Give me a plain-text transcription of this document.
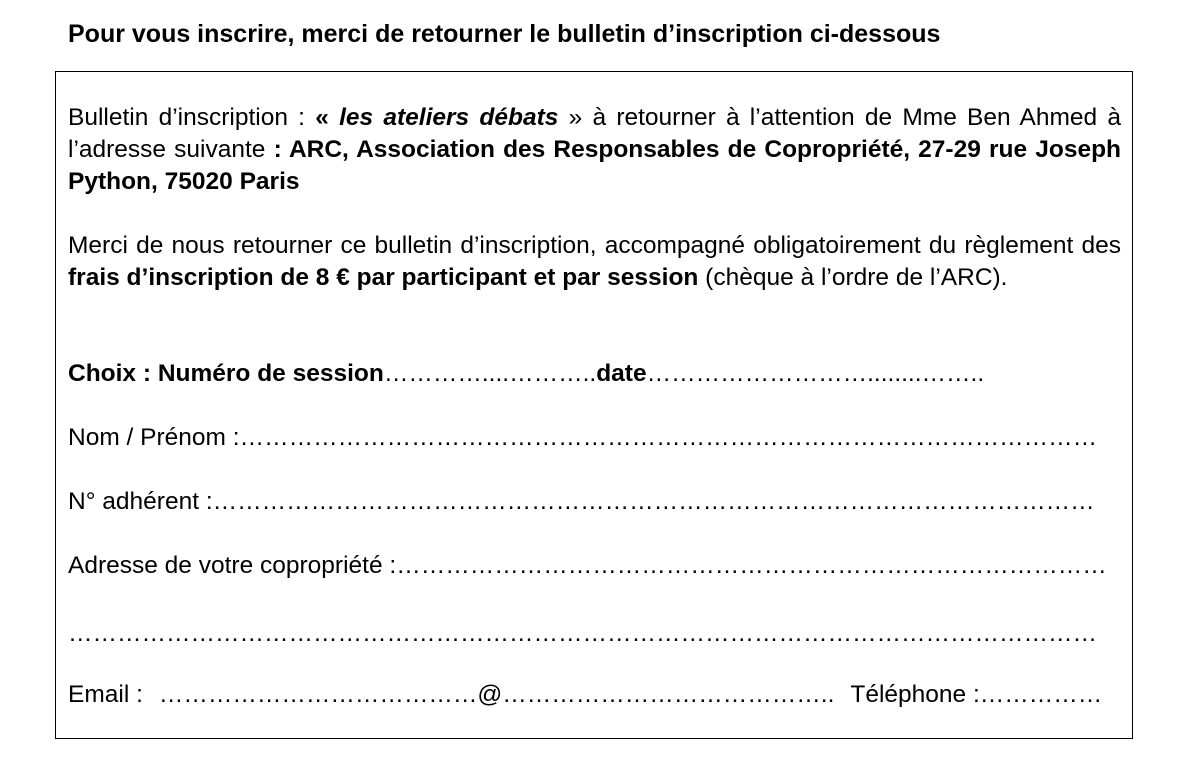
Pour vous inscrire, merci de retourner le bulletin d’inscription ci-dessous
Bulletin d’inscription : « les ateliers débats » à retourner à l’attention de Mme Ben Ahmed à l’adresse suivante : ARC, Association des Responsables de Copropriété, 27-29 rue Joseph Python, 75020 Paris
Merci de nous retourner ce bulletin d’inscription, accompagné obligatoirement du règlement des frais d’inscription de 8 € par participant et par session (chèque à l’ordre de l’ARC).
Choix : Numéro de session…………....………..date………………………........……..
Nom / Prénom :……………………………………………………………………………………………
N° adhérent :………………………………………………………………………………………………
Adresse de votre copropriété :……………………………………………………………………………
………………………………………………………………………………………………………………
Email : …………………………………@………………………………….. Téléphone :……………
